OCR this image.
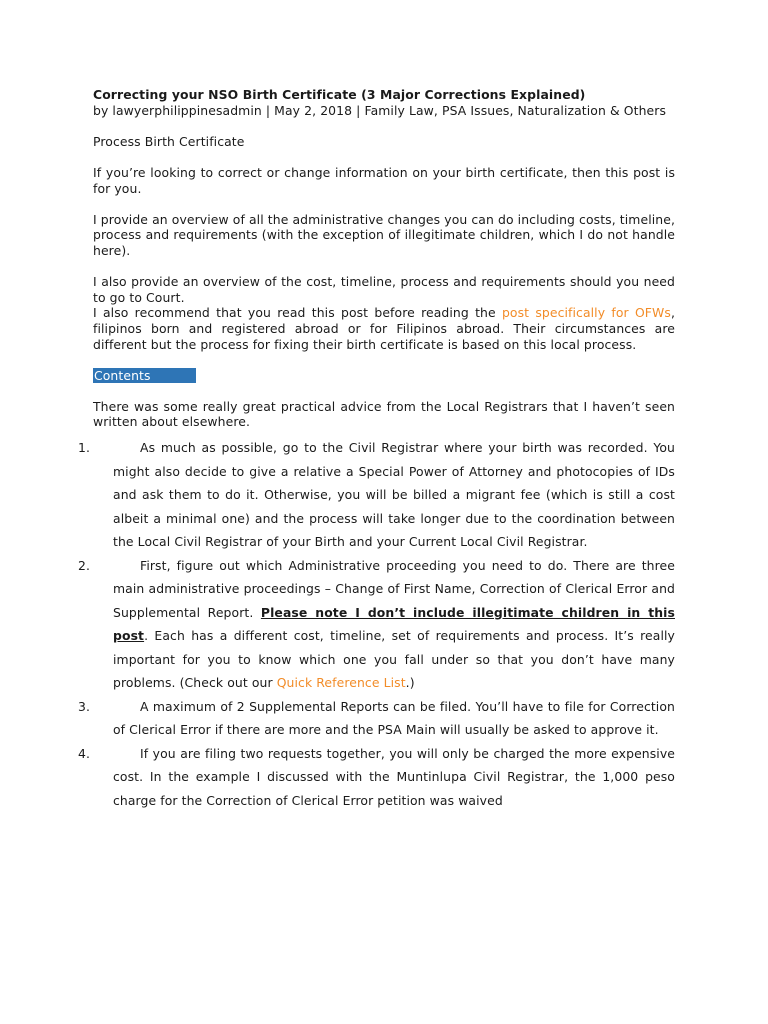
Correcting your NSO Birth Certificate (3 Major Corrections Explained)

by lawyerphilippinesadmin | May 2, 2018 | Family Law, PSA Issues, Naturalization & Others

Process Birth Certificate

If you’re looking to correct or change information on your birth certificate, then this post is for you.

I provide an overview of all the administrative changes you can do including costs, timeline, process and requirements (with the exception of illegitimate children, which I do not handle here).

I also provide an overview of the cost, timeline, process and requirements should you need to go to Court.

I also recommend that you read this post before reading the post specifically for OFWs, filipinos born and registered abroad or for Filipinos abroad. Their circumstances are different but the process for fixing their birth certificate is based on this local process.

Contents

There was some really great practical advice from the Local Registrars that I haven’t seen written about elsewhere.

1.	As much as possible, go to the Civil Registrar where your birth was recorded. You might also decide to give a relative a Special Power of Attorney and photocopies of IDs and ask them to do it. Otherwise, you will be billed a migrant fee (which is still a cost albeit a minimal one) and the process will take longer due to the coordination between the Local Civil Registrar of your Birth and your Current Local Civil Registrar.
2.	First, figure out which Administrative proceeding you need to do. There are three main administrative proceedings – Change of First Name, Correction of Clerical Error and Supplemental Report. Please note I don’t include illegitimate children in this post. Each has a different cost, timeline, set of requirements and process. It’s really important for you to know which one you fall under so that you don’t have many problems. (Check out our Quick Reference List.)
3.	A maximum of 2 Supplemental Reports can be filed. You’ll have to file for Correction of Clerical Error if there are more and the PSA Main will usually be asked to approve it.
4.	If you are filing two requests together, you will only be charged the more expensive cost. In the example I discussed with the Muntinlupa Civil Registrar, the 1,000 peso charge for the Correction of Clerical Error petition was waived
